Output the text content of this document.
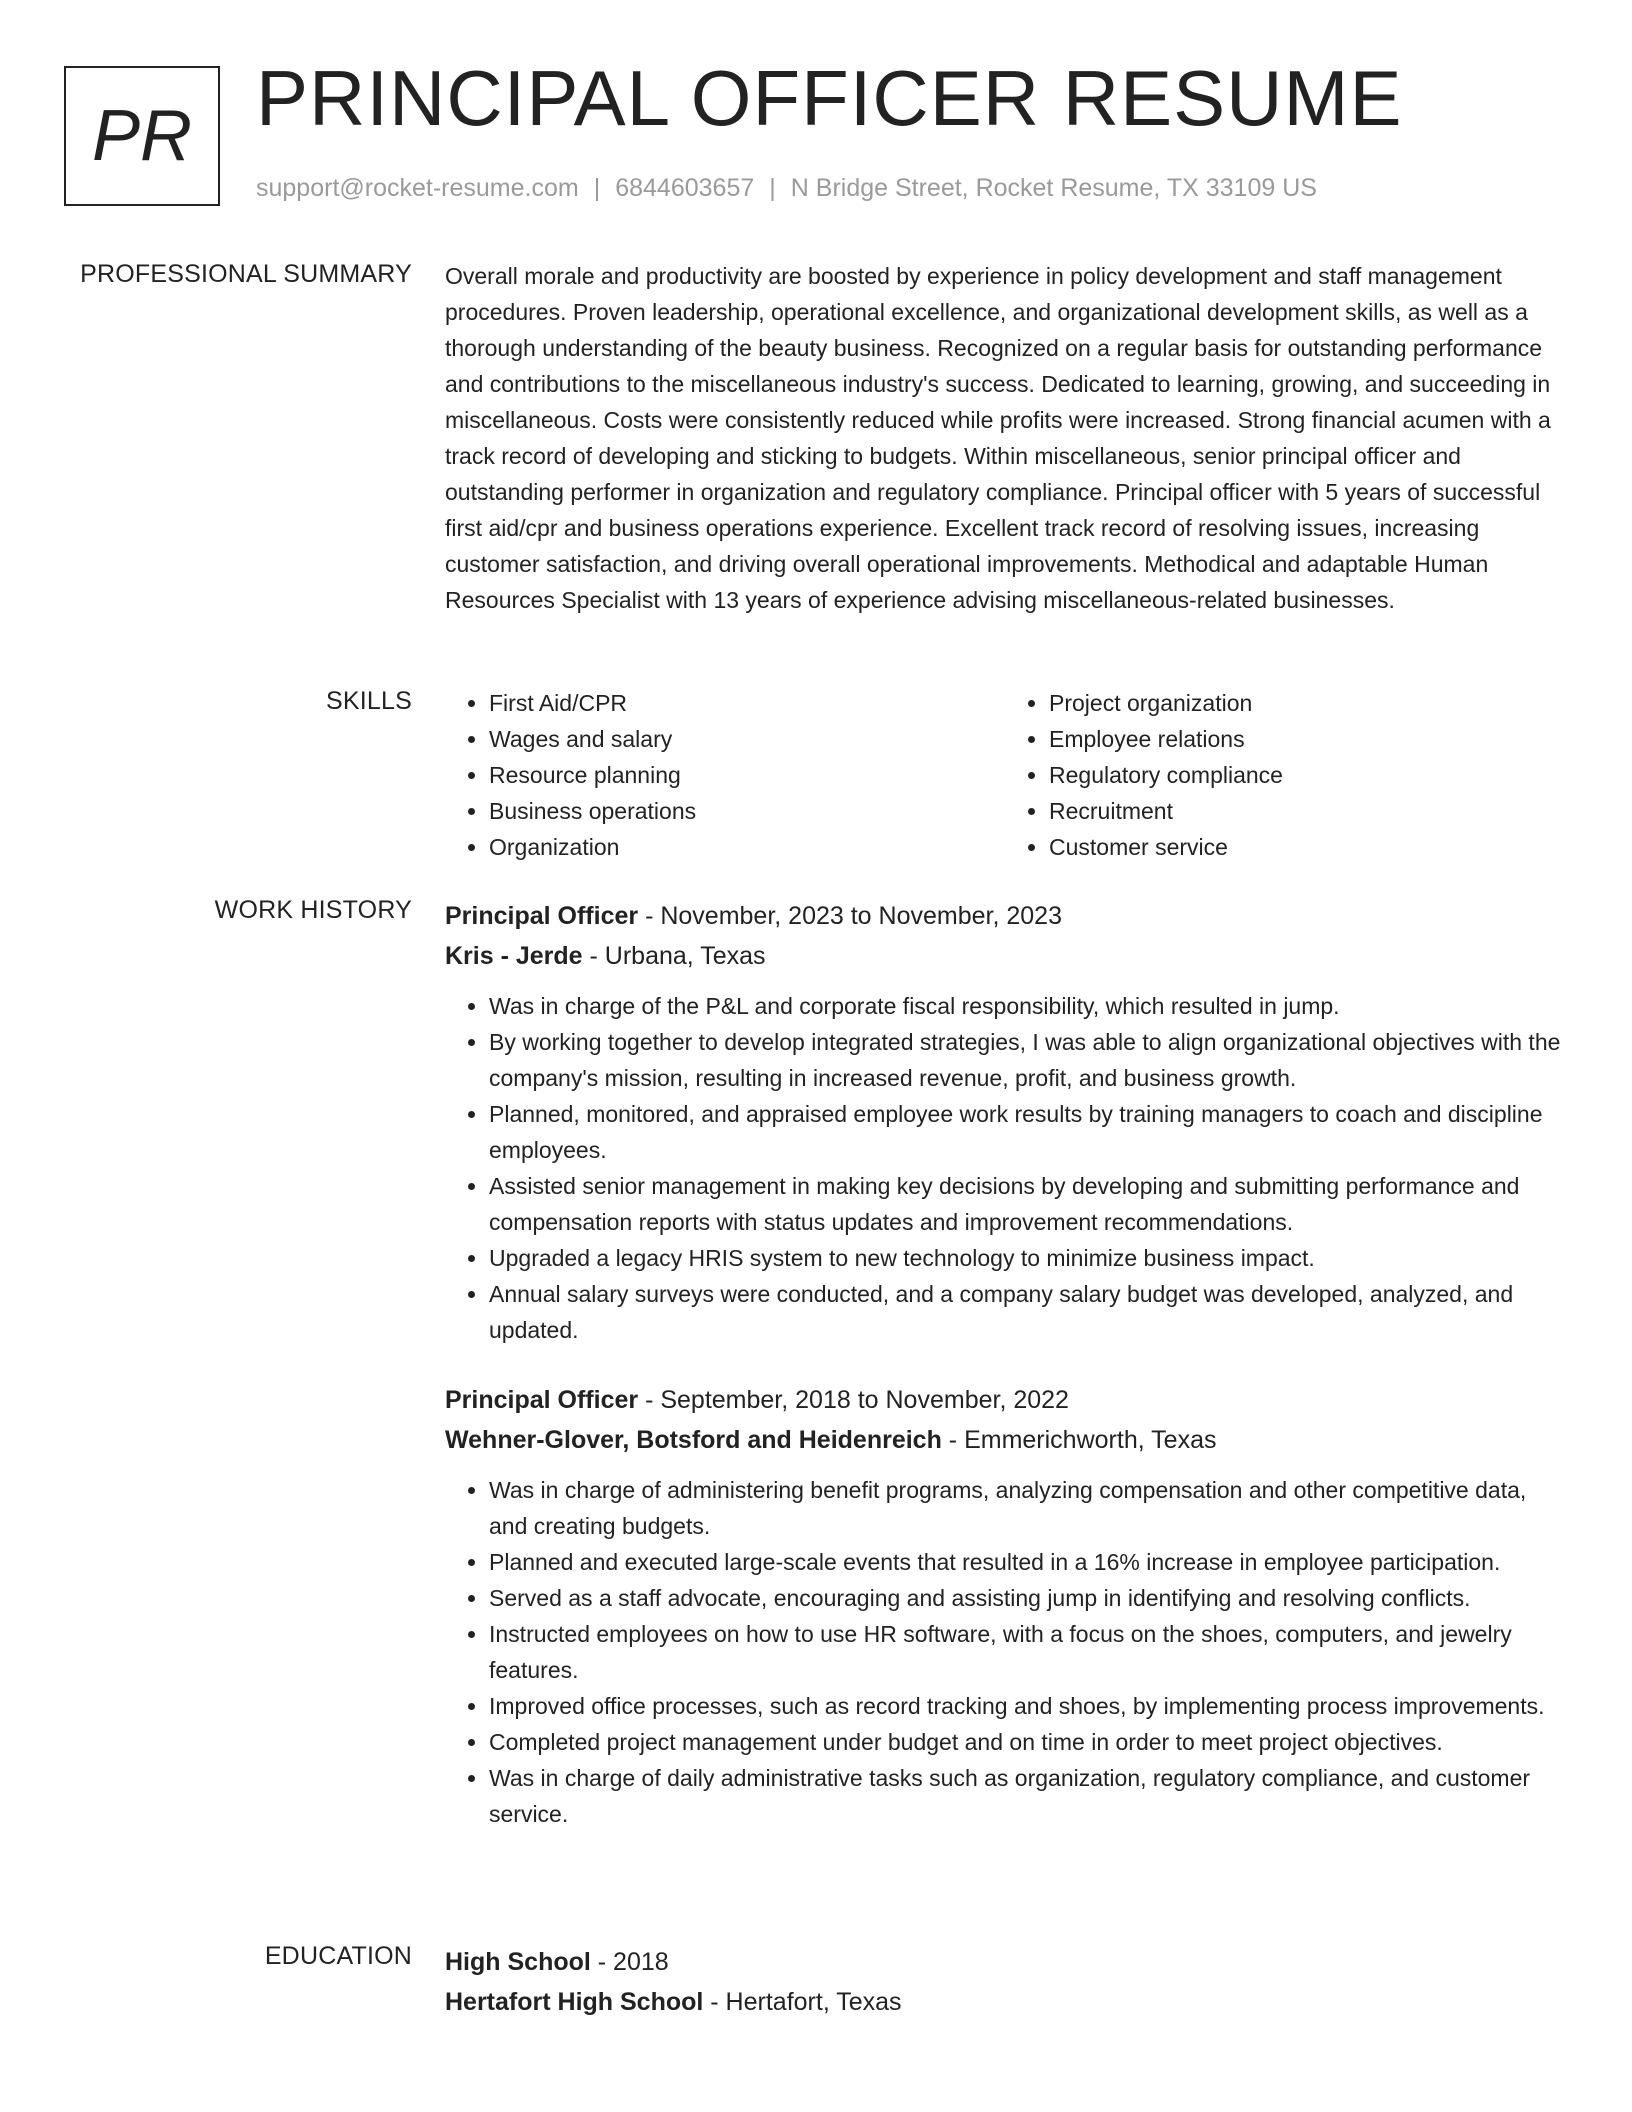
PR PRINCIPAL OFFICER RESUME
support@rocket-resume.com | 6844603657 | N Bridge Street, Rocket Resume, TX 33109 US
PROFESSIONAL SUMMARY Overall morale and productivity are boosted by experience in policy development and staff management procedures. Proven leadership, operational excellence, and organizational development skills, as well as a thorough understanding of the beauty business. Recognized on a regular basis for outstanding performance and contributions to the miscellaneous industry's success. Dedicated to learning, growing, and succeeding in miscellaneous. Costs were consistently reduced while profits were increased. Strong financial acumen with a track record of developing and sticking to budgets. Within miscellaneous, senior principal officer and outstanding performer in organization and regulatory compliance. Principal officer with 5 years of successful first aid/cpr and business operations experience. Excellent track record of resolving issues, increasing customer satisfaction, and driving overall operational improvements. Methodical and adaptable Human Resources Specialist with 13 years of experience advising miscellaneous-related businesses.

SKILLS
•	First Aid/CPR
• Wages and salary
• Resource planning
• Business operations
• Organization
• Project organization
• Employee relations
• Regulatory compliance
• Recruitment
• Customer service
WORK HISTORY Principal Officer - November, 2023 to November, 2023
Kris - Jerde - Urbana, Texas
• Was in charge of the P&L and corporate fiscal responsibility, which resulted in jump.
• By working together to develop integrated strategies, I was able to align organizational objectives with the company's mission, resulting in increased revenue, profit, and business growth.
• Planned, monitored, and appraised employee work results by training managers to coach and discipline employees.
• Assisted senior management in making key decisions by developing and submitting performance and compensation reports with status updates and improvement recommendations.
• Upgraded a legacy HRIS system to new technology to minimize business impact.
• Annual salary surveys were conducted, and a company salary budget was developed, analyzed, and updated.
Principal Officer - September, 2018 to November, 2022
Wehner-Glover, Botsford and Heidenreich - Emmerichworth, Texas
• Was in charge of administering benefit programs, analyzing compensation and other competitive data, and creating budgets.
• Planned and executed large-scale events that resulted in a 16% increase in employee participation.
• Served as a staff advocate, encouraging and assisting jump in identifying and resolving conflicts.
• Instructed employees on how to use HR software, with a focus on the shoes, computers, and jewelry features.
• Improved office processes, such as record tracking and shoes, by implementing process improvements.
• Completed project management under budget and on time in order to meet project objectives.
• Was in charge of daily administrative tasks such as organization, regulatory compliance, and customer service.
EDUCATION High School - 2018
Hertafort High School - Hertafort, Texas
